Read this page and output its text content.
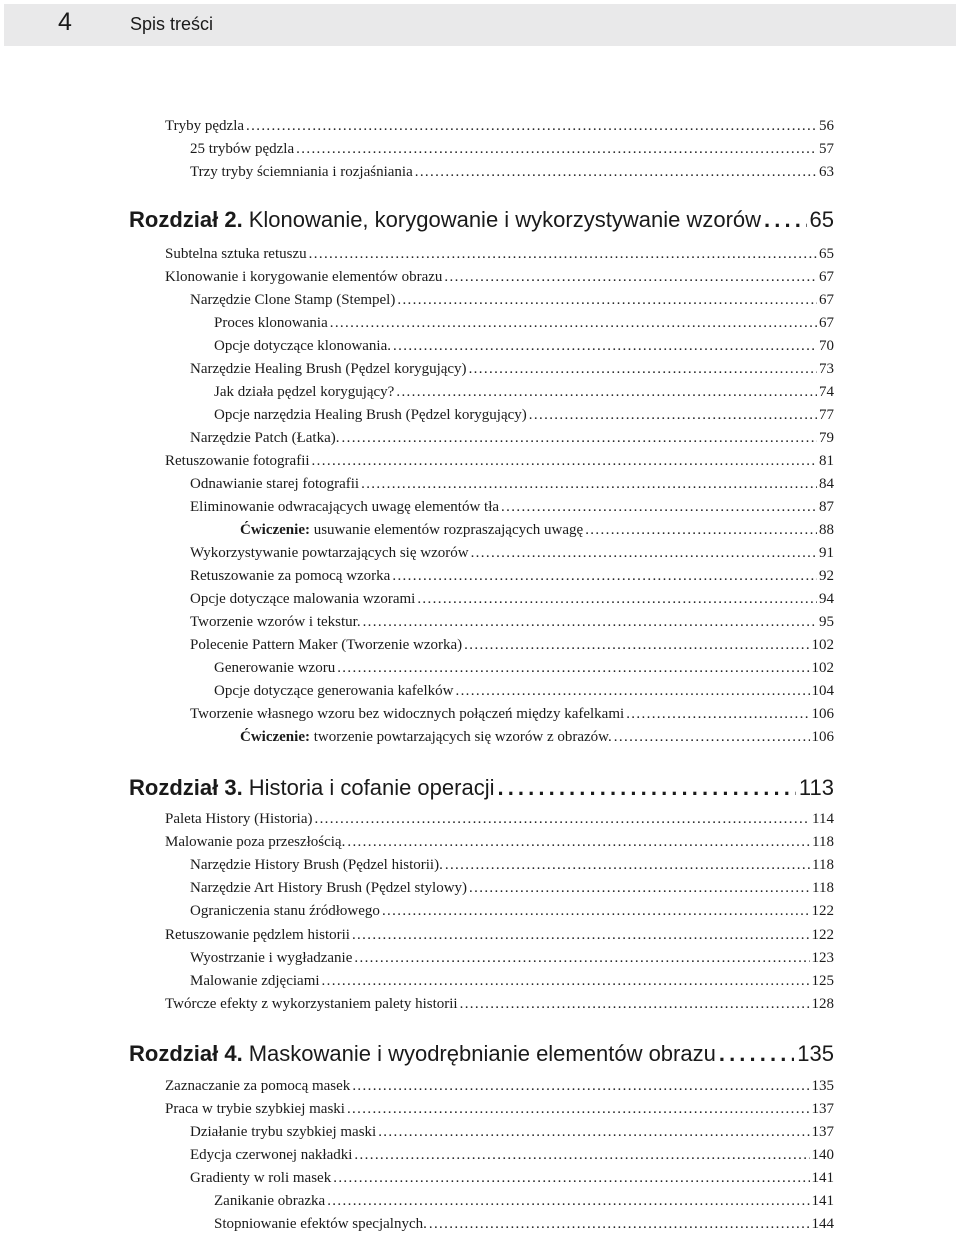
4	Spis treści
Tryby pędzla . . .	56
25 trybów pędzla . . .	57
Trzy tryby ściemniania i rozjaśniania . . .	63
Rozdział 2. Klonowanie, korygowanie i wykorzystywanie wzorów . . . 65
Subtelna sztuka retuszu . . .	65
Klonowanie i korygowanie elementów obrazu . . .	67
Narzędzie Clone Stamp (Stempel) . . .	67
Proces klonowania . . .	67
Opcje dotyczące klonowania. . . .	70
Narzędzie Healing Brush (Pędzel korygujący) . . .	73
Jak działa pędzel korygujący? . . .	74
Opcje narzędzia Healing Brush (Pędzel korygujący) . . .	77
Narzędzie Patch (Łatka). . . .	79
Retuszowanie fotografii . . .	81
Odnawianie starej fotografii . . .	84
Eliminowanie odwracających uwagę elementów tła . . .	87
Ćwiczenie: usuwanie elementów rozpraszających uwagę . . .	88
Wykorzystywanie powtarzających się wzorów . . .	91
Retuszowanie za pomocą wzorka . . .	92
Opcje dotyczące malowania wzorami . . .	94
Tworzenie wzorów i tekstur. . . .	95
Polecenie Pattern Maker (Tworzenie wzorka) . . .	102
Generowanie wzoru . . .	102
Opcje dotyczące generowania kafelków . . .	104
Tworzenie własnego wzoru bez widocznych połączeń między kafelkami . . .	106
Ćwiczenie: tworzenie powtarzających się wzorów z obrazów. . . .	106
Rozdział 3. Historia i cofanie operacji . . .	113
Paleta History (Historia) . . .	114
Malowanie poza przeszłością. . . .	118
Narzędzie History Brush (Pędzel historii). . . .	118
Narzędzie Art History Brush (Pędzel stylowy) . . .	118
Ograniczenia stanu źródłowego . . .	122
Retuszowanie pędzlem historii . . .	122
Wyostrzanie i wygładzanie . . .	123
Malowanie zdjęciami . . .	125
Twórcze efekty z wykorzystaniem palety historii . . .	128
Rozdział 4. Maskowanie i wyodrębnianie elementów obrazu . . .	135
Zaznaczanie za pomocą masek . . .	135
Praca w trybie szybkiej maski . . .	137
Działanie trybu szybkiej maski . . .	137
Edycja czerwonej nakładki . . .	140
Gradienty w roli masek . . .	141
Zanikanie obrazka . . .	141
Stopniowanie efektów specjalnych. . . .	144
